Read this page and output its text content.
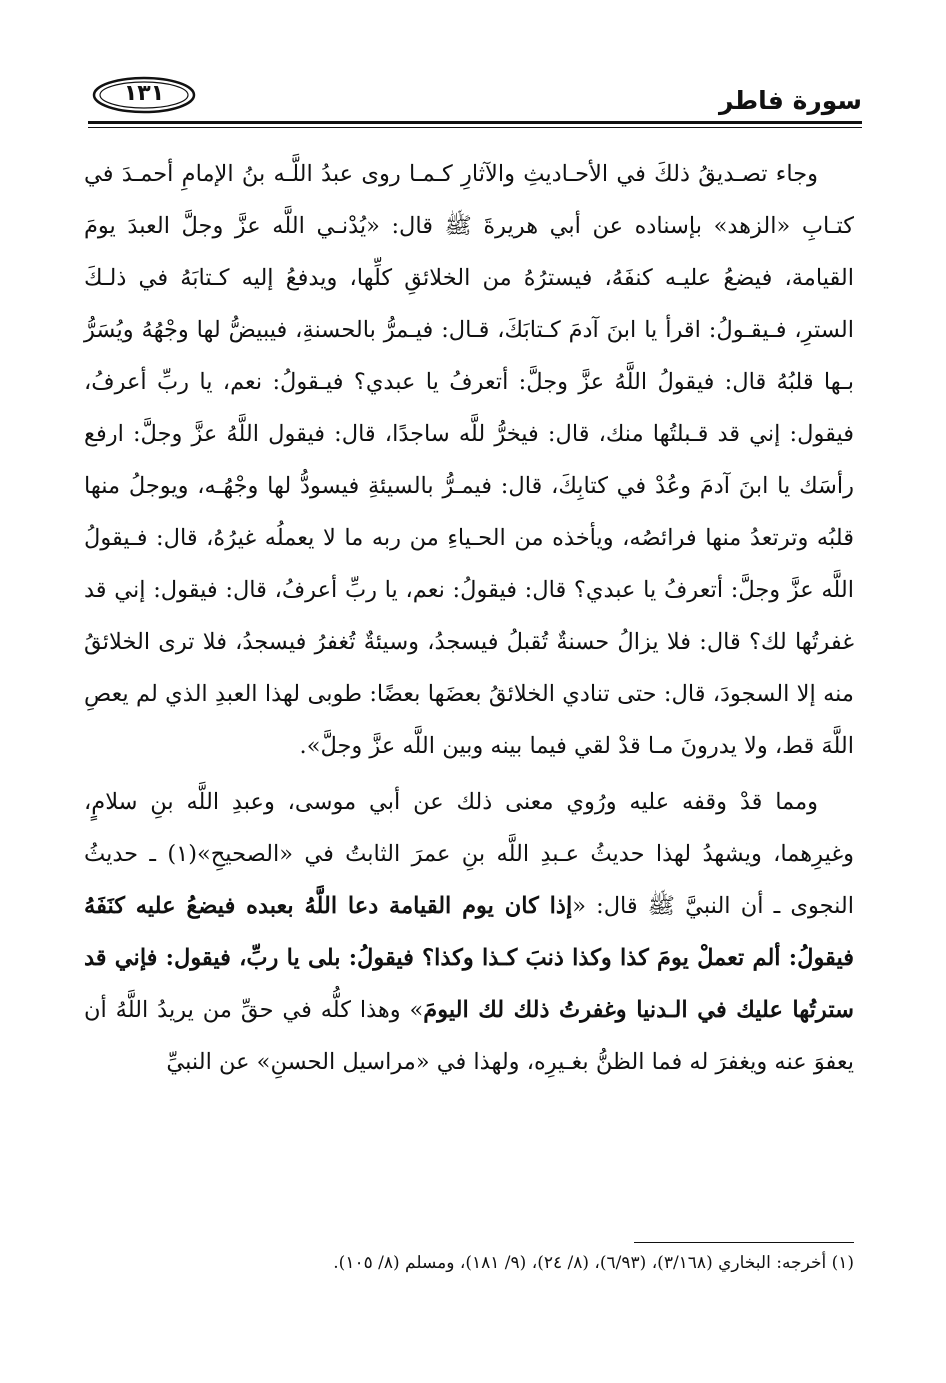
سورة فاطر
١٣١

وجاء تصـديقُ ذلكَ في الأحـاديثِ والآثارِ كـمـا روى عبدُ اللَّـه بنُ الإمامِ أحمـدَ في كتـابِ «الزهد» بإسناده عن أبي هريرةَ ﷺ قال: «يُدْنـي اللَّه عزَّ وجلَّ العبدَ يومَ القيامة، فيضعُ عليـه كنفَهُ، فيسترُهُ من الخلائقِ كلِّها، ويدفعُ إليه كـتابَهُ في ذلـكَ السترِ، فـيقـولُ: اقرأ يا ابنَ آدمَ كـتابَكَ، قـال: فيـمرُّ بالحسنةِ، فيبيضُّ لها وجْهُهُ ويُسَرُّ بـها قلبُهُ قال: فيقولُ اللَّهُ عزَّ وجلَّ: أتعرفُ يا عبدي؟ فيـقولُ: نعم، يا ربِّ أعرفُ، فيقول: إني قد قـبلتُها منك، قال: فيخرُّ للَّه ساجدًا، قال: فيقول اللَّهُ عزَّ وجلَّ: ارفع رأسَك يا ابنَ آدمَ وعُدْ في كتابِكَ، قال: فيمـرُّ بالسيئةِ فيسودُّ لها وجْهُـه، ويوجلُ منها قلبُه وترتعدُ منها فرائصُه، ويأخذه من الحـياءِ من ربه ما لا يعملُه غيرُهُ، قال: فـيقولُ اللَّه عزَّ وجلَّ: أتعرفُ يا عبدي؟ قال: فيقولُ: نعم، يا ربِّ أعرفُ، قال: فيقول: إني قد غفرتُها لك؟ قال: فلا يزالُ حسنةٌ تُقبلُ فيسجدُ، وسيئةٌ تُغفرُ فيسجدُ، فلا ترى الخلائقُ منه إلا السجودَ، قال: حتى تنادي الخلائقُ بعضَها بعضًا: طوبى لهذا العبدِ الذي لم يعصِ اللَّهَ قط، ولا يدرونَ مـا قدْ لقي فيما بينه وبين اللَّه عزَّ وجلَّ».

ومما قدْ وقفه عليه ورُوي معنى ذلك عن أبي موسى، وعبدِ اللَّه بنِ سلامٍ، وغيرِهما، ويشهدُ لهذا حديثُ عـبدِ اللَّه بنِ عمرَ الثابتُ في «الصحيحِ»(١) ـ حديثُ النجوى ـ أن النبيَّ ﷺ قال: «إذا كان يوم القيامة دعا اللَّهُ بعبده فيضعُ عليه كنَفَهُ فيقولُ: ألم تعملْ يومَ كذا وكذا ذنبَ كـذا وكذا؟ فيقولُ: بلى يا ربِّ، فيقول: فإني قد سترتُها عليك في الـدنيا وغفرتُ ذلك لك اليومَ» وهذا كلُّه في حقِّ من يريدُ اللَّهُ أن يعفوَ عنه ويغفرَ له فما الظنُّ بغـيرِه، ولهذا في «مراسيل الحسنِ» عن النبيِّ

(١) أخرجه: البخاري (٣/١٦٨)، (٦/٩٣)، (٨/ ٢٤)، (٩/ ١٨١)، ومسلم (٨/ ١٠٥).
